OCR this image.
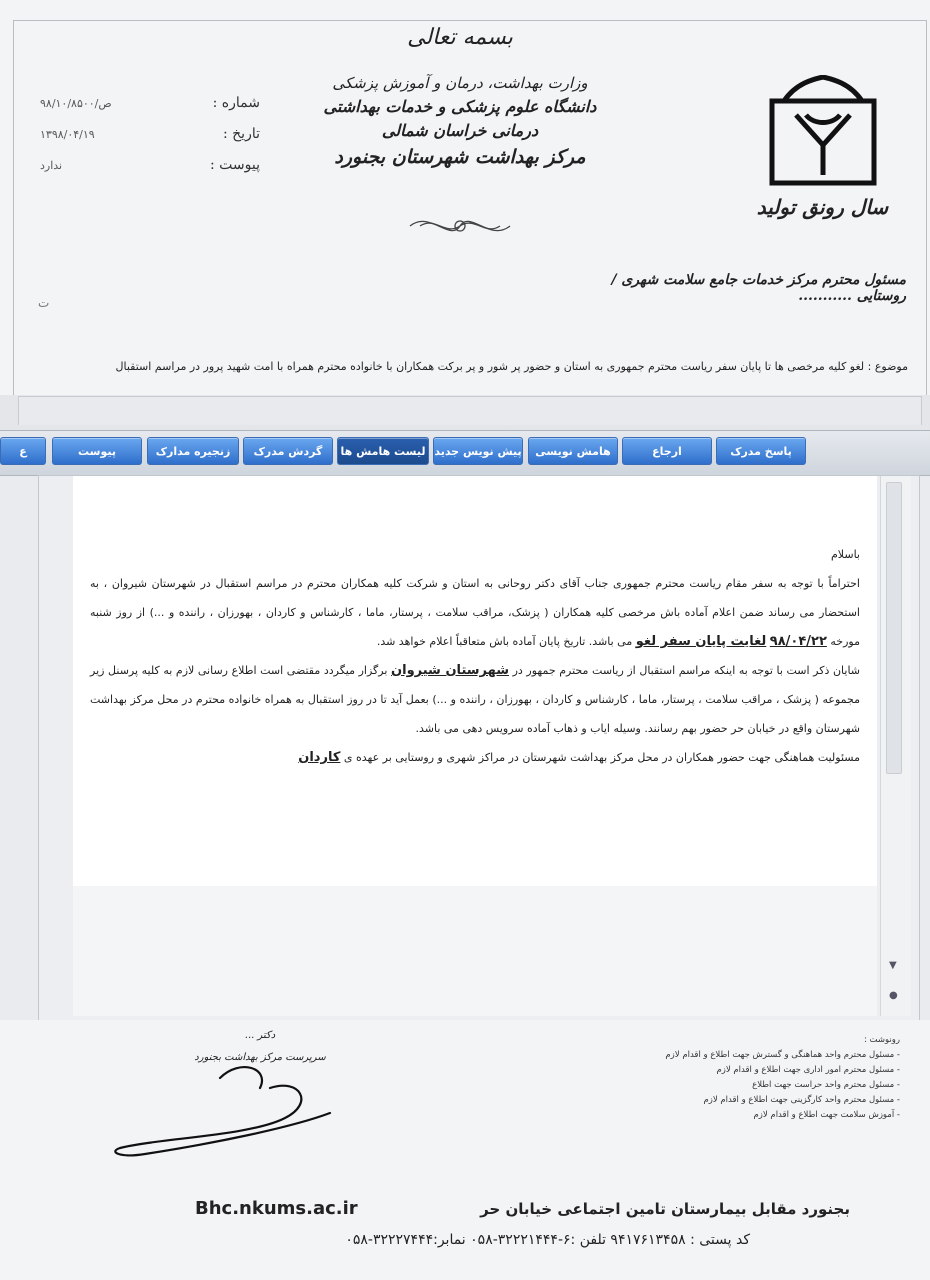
بسمه تعالی
وزارت بهداشت، درمان و آموزش پزشکی
دانشگاه علوم پزشکی و خدمات بهداشتی درمانی خراسان شمالی
مرکز بهداشت شهرستان بجنورد
سال رونق تولید
۹۸/۱۰/۸۵۰۰/ص	شماره :
۱۳۹۸/۰۴/۱۹	تاریخ :
ندارد	پیوست :
مسئول محترم مرکز خدمات جامع سلامت شهری / روستایی ...........
ت
موضوع : لغو کلیه مرخصی ها تا پایان سفر ریاست محترم جمهوری به استان و حضور پر شور و پر برکت همکاران با خانواده محترم همراه با امت شهید پرور در مراسم استقبال
پاسخ مدرک
ارجاع
هامش نویسی
پیش نویس جدید
لیست هامش ها
گردش مدرک
زنجیره مدارک
پیوست
ع
▼
●

باسلام

احتراماً با توجه به سفر مقام ریاست محترم جمهوری جناب آقای دکتر روحانی به استان و شرکت کلیه همکاران محترم در مراسم استقبال در شهرستان شیروان ، به استحضار می رساند ضمن اعلام آماده باش مرخصی کلیه همکاران ( پزشک، مراقب سلامت ، پرستار، ماما ، کارشناس و کاردان ، بهورزان ، راننده و ...) از روز شنبه مورخه ۹۸/۰۴/۲۲ لغایت پایان سفر لغو می باشد. تاریخ پایان آماده باش متعاقباً اعلام خواهد شد.

شایان ذکر است با توجه به اینکه مراسم استقبال از ریاست محترم جمهور در شهرستان شیروان برگزار میگردد مقتضی است اطلاع رسانی لازم به کلیه پرسنل زیر مجموعه ( پزشک ، مراقب سلامت ، پرستار، ماما ، کارشناس و کاردان ، بهورزان ، راننده و ...) بعمل آید تا در روز استقبال به همراه خانواده محترم در محل مرکز بهداشت شهرستان واقع در خیابان حر حضور بهم رسانند. وسیله ایاب و ذهاب آماده سرویس دهی می باشد.

مسئولیت هماهنگی جهت حضور همکاران در محل مرکز بهداشت شهرستان در مراکز شهری و روستایی بر عهده ی کاردان

رونوشت :
- مسئول محترم واحد هماهنگی و گسترش جهت اطلاع و اقدام لازم
- مسئول محترم امور اداری جهت اطلاع و اقدام لازم
- مسئول محترم واحد حراست جهت اطلاع
- مسئول محترم واحد کارگزینی جهت اطلاع و اقدام لازم
- آموزش سلامت جهت اطلاع و اقدام لازم
دکتر ...
سرپرست مرکز بهداشت بجنورد
بجنورد مقابل بیمارستان تامین اجتماعی خیابان حر
Bhc.nkums.ac.ir
کد پستی : ۹۴۱۷۶۱۳۴۵۸ تلفن :۶-۳۲۲۲۱۴۴۴-۰۵۸ نمابر:۳۲۲۲۷۴۴۴-۰۵۸
